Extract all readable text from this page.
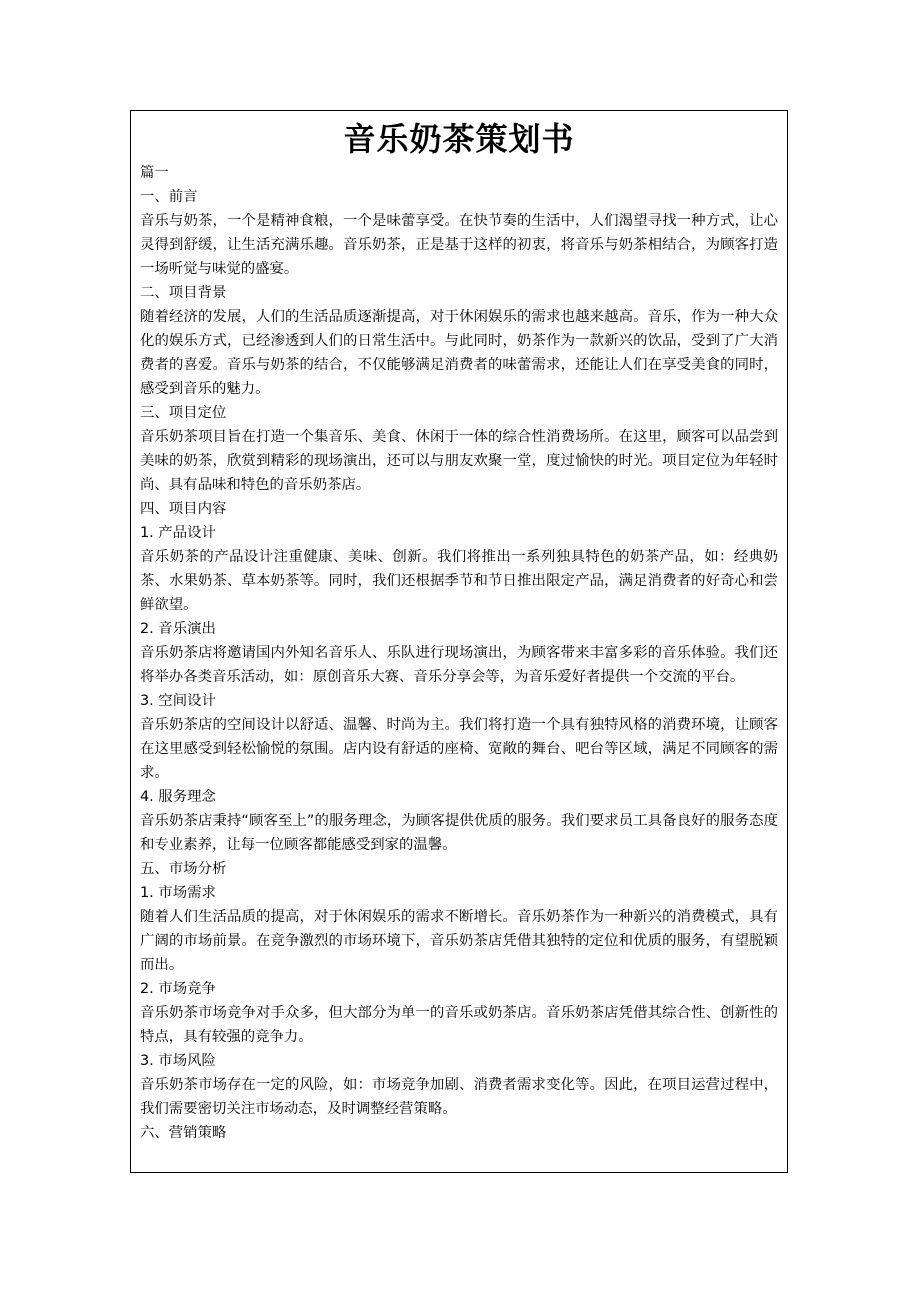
音乐奶茶策划书
篇一
一、前言
音乐与奶茶，一个是精神食粮，一个是味蕾享受。在快节奏的生活中，人们渴望寻找一种方式，让心灵得到舒缓，让生活充满乐趣。音乐奶茶，正是基于这样的初衷，将音乐与奶茶相结合，为顾客打造一场听觉与味觉的盛宴。
二、项目背景
随着经济的发展，人们的生活品质逐渐提高，对于休闲娱乐的需求也越来越高。音乐，作为一种大众化的娱乐方式，已经渗透到人们的日常生活中。与此同时，奶茶作为一款新兴的饮品，受到了广大消费者的喜爱。音乐与奶茶的结合，不仅能够满足消费者的味蕾需求，还能让人们在享受美食的同时，感受到音乐的魅力。
三、项目定位
音乐奶茶项目旨在打造一个集音乐、美食、休闲于一体的综合性消费场所。在这里，顾客可以品尝到美味的奶茶，欣赏到精彩的现场演出，还可以与朋友欢聚一堂，度过愉快的时光。项目定位为年轻时尚、具有品味和特色的音乐奶茶店。
四、项目内容
1. 产品设计
音乐奶茶的产品设计注重健康、美味、创新。我们将推出一系列独具特色的奶茶产品，如：经典奶茶、水果奶茶、草本奶茶等。同时，我们还根据季节和节日推出限定产品，满足消费者的好奇心和尝鲜欲望。
2. 音乐演出
音乐奶茶店将邀请国内外知名音乐人、乐队进行现场演出，为顾客带来丰富多彩的音乐体验。我们还将举办各类音乐活动，如：原创音乐大赛、音乐分享会等，为音乐爱好者提供一个交流的平台。
3. 空间设计
音乐奶茶店的空间设计以舒适、温馨、时尚为主。我们将打造一个具有独特风格的消费环境，让顾客在这里感受到轻松愉悦的氛围。店内设有舒适的座椅、宽敞的舞台、吧台等区域，满足不同顾客的需求。
4. 服务理念
音乐奶茶店秉持“顾客至上”的服务理念，为顾客提供优质的服务。我们要求员工具备良好的服务态度和专业素养，让每一位顾客都能感受到家的温馨。
五、市场分析
1. 市场需求
随着人们生活品质的提高，对于休闲娱乐的需求不断增长。音乐奶茶作为一种新兴的消费模式，具有广阔的市场前景。在竞争激烈的市场环境下，音乐奶茶店凭借其独特的定位和优质的服务，有望脱颖而出。
2. 市场竞争
音乐奶茶市场竞争对手众多，但大部分为单一的音乐或奶茶店。音乐奶茶店凭借其综合性、创新性的特点，具有较强的竞争力。
3. 市场风险
音乐奶茶市场存在一定的风险，如：市场竞争加剧、消费者需求变化等。因此，在项目运营过程中，我们需要密切关注市场动态，及时调整经营策略。
六、营销策略
